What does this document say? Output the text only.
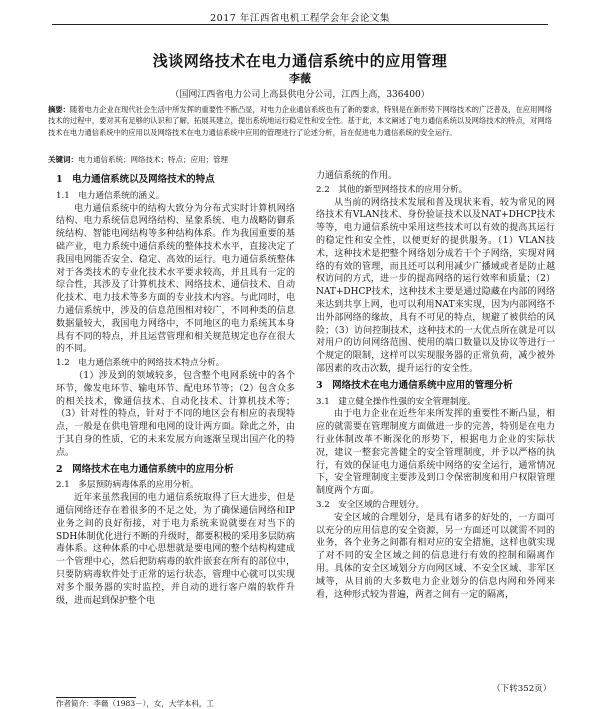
2017 年江西省电机工程学会年会论文集
浅谈网络技术在电力通信系统中的应用管理
李薇
（国网江西省电力公司上高县供电分公司，江西上高，336400）
摘要：随着电力企业在现代社会生活中所发挥的重要性不断凸显，对电力企业通信系统也有了新的要求，特别是在新形势下网络技术的广泛普及，在应用网络技术的过程中，要对其有足够的认识和了解，拓展其建立，提出系统地运行稳定性和安全性。基于此，本文阐述了电力通信系统以及网络技术的特点，对网络技术在电力通信系统中的应用以及网络技术在电力通信系统中应用的管理进行了论述分析，旨在促进电力通信系统的安全运行。
关键词：电力通信系统；网络技术；特点；应用；管理
1　电力通信系统以及网络技术的特点
1.1　电力通信系统的涵义。

电力通信系统中的结构大致分为分布式实时计算机网络结构、电力系统信息网络结构、星象系统、电力战略防御系统结构、智能电网结构等多种结构体系。作为我国重要的基础产业，电力系统中通信系统的整体技术水平，直接决定了我国电网能否安全、稳定、高效的运行。电力通信系统整体对于各类技术的专业化技术水平要求较高，并且具有一定的综合性，其涉及了计算机技术、网络技术、通信技术、自动化技术、电力技术等多方面的专业技术内容。与此同时，电力通信系统中，涉及的信息范围相对较广，不同种类的信息数据量较大，我国电力网络中，不同地区的电力系统其本身具有不同的特点，并且运营管理和相关规范规定也存在很大的不同。

1.2　电力通信系统中的网络技术特点分析。

（1）涉及到的领域较多，包含整个电网系统中的各个环节，像发电环节、输电环节、配电环节等；（2）包含众多的相关技术，像通信技术、自动化技术、计算机技术等；（3）针对性的特点，针对于不同的地区会有相应的表现特点，一般是在供电管理和电网的设计两方面。除此之外，由于其自身的性质，它的未来发展方向逐渐呈现出国产化的特点。

2　网络技术在电力通信系统中的应用分析
2.1　多层预防病毒体系的应用分析。

近年来虽然我国的电力通信系统取得了巨大进步，但是通信网络还存在着很多的不足之处，为了确保通信网络和IP业务之间的良好衔接，对于电力系统来说就要在对当下的SDH体制优化进行不断的升级时，都要积极的采用多层防病毒体系。这种体系的中心思想就是要电网的整个结构构建成一个管理中心，然后把防病毒的软件嵌套在所有的部位中，只要防病毒软件处于正常的运行状态，管理中心就可以实现对多个服务器的实时监控，并自动的进行客户端的软件升级，进而起到保护整个电

力通信系统的作用。

2.2　其他的新型网络技术的应用分析。

从当前的网络技术发展和普及现状来看，较为常见的网络技术有VLAN技术、身份验证技术以及NAT+DHCP技术等等，电力通信系统中采用这些技术可以有效的提高其运行的稳定性和安全性，以便更好的提供服务。（1）VLAN技术，这种技术是把整个网络划分成若干个子网络，实现对网络的有效的管理，而且还可以利用减少广播域或者是防止越权访问的方式，进一步的提高网络的运行效率和质量；（2）NAT+DHCP技术，这种技术主要是通过隐藏在内部的网络来达到共享上网，也可以利用NAT来实现，因为内部网络不出外部网络的缘故，具有不可见的特点，规避了被供给的风险；（3）访问控制技术，这种技术的一大优点所在就是可以对用户的访问网络范围、使用的端口数量以及协议等进行一个规定的限制，这样可以实现服务器的正常负荷，减少被外部因素的攻击次数，提升运行的安全性。

3　网络技术在电力通信系统中应用的管理分析
3.1　建立健全操作性强的安全管理制度。

由于电力企业在近些年来所发挥的重要性不断凸显，相应的就需要在管理制度方面做进一步的完善，特别是在电力行业体制改革不断深化的形势下，根据电力企业的实际状况，建议一整套完善健全的安全管理制度，并予以严格的执行，有效的保证电力通信系统中网络的安全运行，通常情况下，安全管理制度主要涉及到口令保密制度和用户权限管理制度两个方面。

3.2　安全区域的合理划分。

安全区域的合理划分，是具有诸多的好处的，一方面可以充分的应用信息的安全资源，另一方面还可以就需不同的业务，各个业务之间都有相对应的安全措施，这样也就实现了对不同的安全区域之间的信息进行有效的控制和隔离作用。具体的安全区域划分方向网区域、不安全区域、非军区域等，从目前的大多数电力企业划分的信息内网和外网来看，这种形式较为普遍，两者之间有一定的隔离，

（下转352页）
作者简介：李薇（1983－），女，大学本科，工
